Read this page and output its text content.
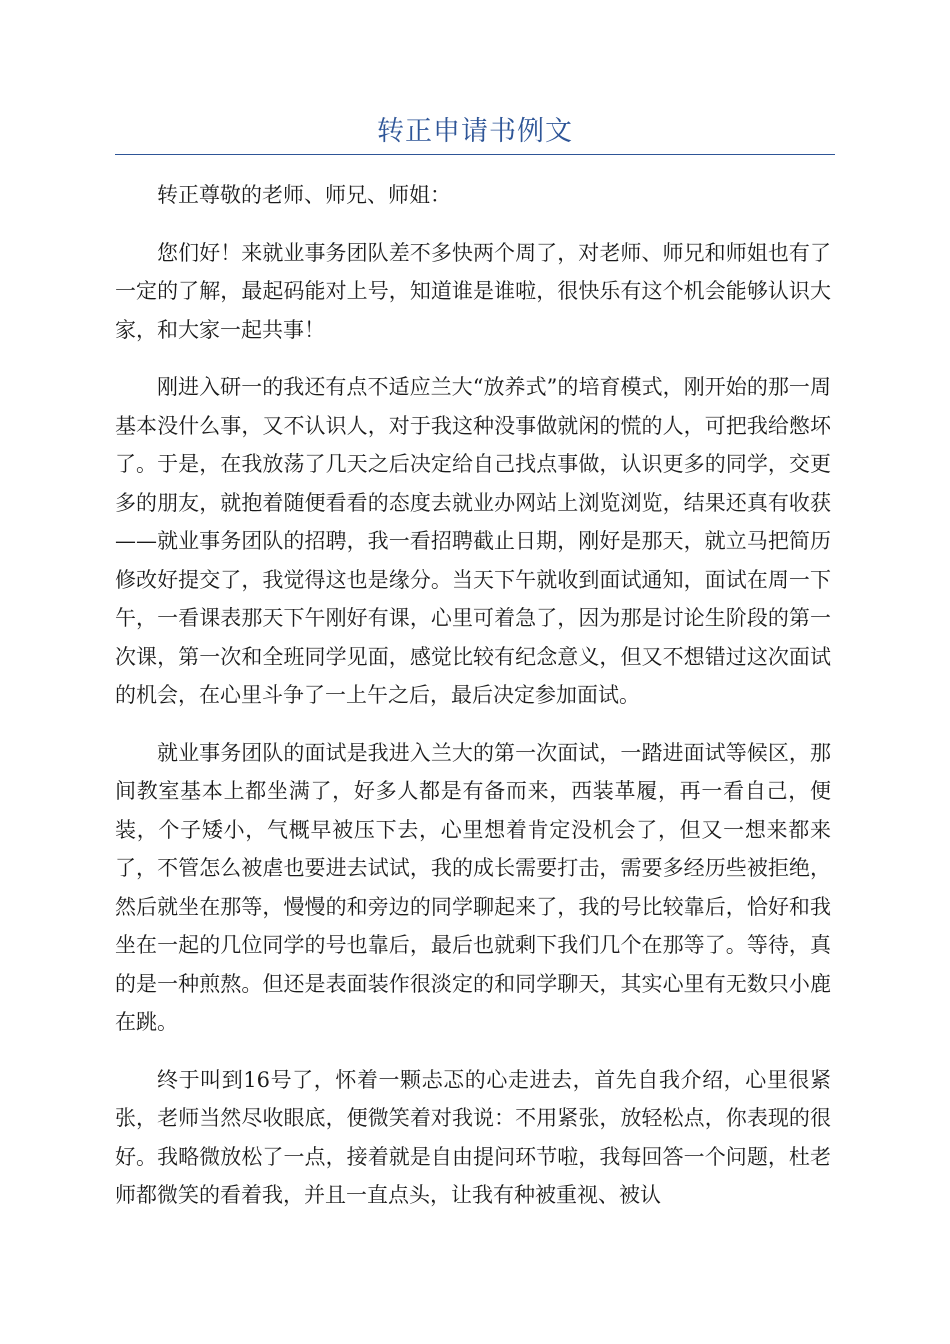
转正申请书例文

转正尊敬的老师、师兄、师姐：

您们好！来就业事务团队差不多快两个周了，对老师、师兄和师姐也有了一定的了解，最起码能对上号，知道谁是谁啦，很快乐有这个机会能够认识大家，和大家一起共事！

刚进入研一的我还有点不适应兰大“放养式”的培育模式，刚开始的那一周基本没什么事，又不认识人，对于我这种没事做就闲的慌的人，可把我给憋坏了。于是，在我放荡了几天之后决定给自己找点事做，认识更多的同学，交更多的朋友，就抱着随便看看的态度去就业办网站上浏览浏览，结果还真有收获——就业事务团队的招聘，我一看招聘截止日期，刚好是那天，就立马把简历修改好提交了，我觉得这也是缘分。当天下午就收到面试通知，面试在周一下午，一看课表那天下午刚好有课，心里可着急了，因为那是讨论生阶段的第一次课，第一次和全班同学见面，感觉比较有纪念意义，但又不想错过这次面试的机会，在心里斗争了一上午之后，最后决定参加面试。

就业事务团队的面试是我进入兰大的第一次面试，一踏进面试等候区，那间教室基本上都坐满了，好多人都是有备而来，西装革履，再一看自己，便装，个子矮小，气概早被压下去，心里想着肯定没机会了，但又一想来都来了，不管怎么被虐也要进去试试，我的成长需要打击，需要多经历些被拒绝，然后就坐在那等，慢慢的和旁边的同学聊起来了，我的号比较靠后，恰好和我坐在一起的几位同学的号也靠后，最后也就剩下我们几个在那等了。等待，真的是一种煎熬。但还是表面装作很淡定的和同学聊天，其实心里有无数只小鹿在跳。

终于叫到16号了，怀着一颗忐忑的心走进去，首先自我介绍，心里很紧张，老师当然尽收眼底，便微笑着对我说：不用紧张，放轻松点，你表现的很好。我略微放松了一点，接着就是自由提问环节啦，我每回答一个问题，杜老师都微笑的看着我，并且一直点头，让我有种被重视、被认
